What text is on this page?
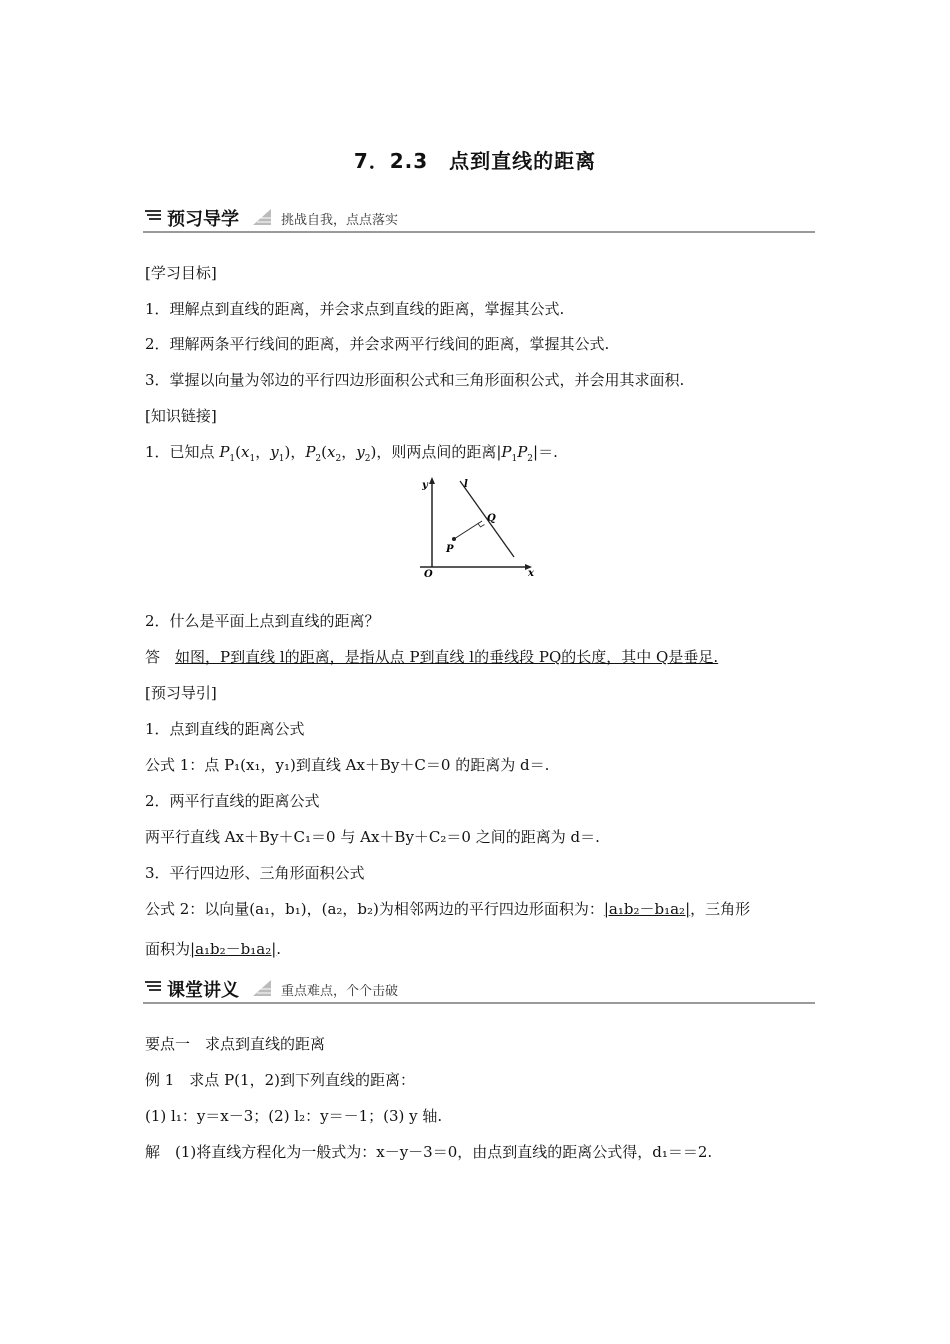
7．2.3　点到直线的距离
预习导学	挑战自我，点点落实
[学习目标]
1．理解点到直线的距离，并会求点到直线的距离，掌握其公式.
2．理解两条平行线间的距离，并会求两平行线间的距离，掌握其公式.
3．掌握以向量为邻边的平行四边形面积公式和三角形面积公式，并会用其求面积.
[知识链接]
1．已知点 $P_1(x_1$，$y_1$)，$P_2(x_2$，$y_2$)，则两点间的距离$|P_1P_2|=$.
y
x
O
l
Q
P
2．什么是平面上点到直线的距离？
答　如图，P到直线 l的距离，是指从点 P到直线 l的垂线段 PQ的长度，其中 Q是垂足.
[预习导引]
1．点到直线的距离公式
公式 1：点 P₁(x₁，y₁)到直线 Ax＋By＋C＝0 的距离为 d＝.
2．两平行直线的距离公式
两平行直线 Ax＋By＋C₁＝0 与 Ax＋By＋C₂＝0 之间的距离为 d＝.
3．平行四边形、三角形面积公式
公式 2：以向量(a₁，b₁)，(a₂，b₂)为相邻两边的平行四边形面积为：|a₁b₂－b₁a₂|，三角形
面积为|a₁b₂－b₁a₂|.
课堂讲义	重点难点，个个击破
要点一　求点到直线的距离
例 1　求点 P(1，2)到下列直线的距离：
(1) l₁：y＝x－3；(2) l₂：y＝－1；(3) y 轴.
解　(1)将直线方程化为一般式为：x－y－3＝0，由点到直线的距离公式得，d₁＝＝2.
